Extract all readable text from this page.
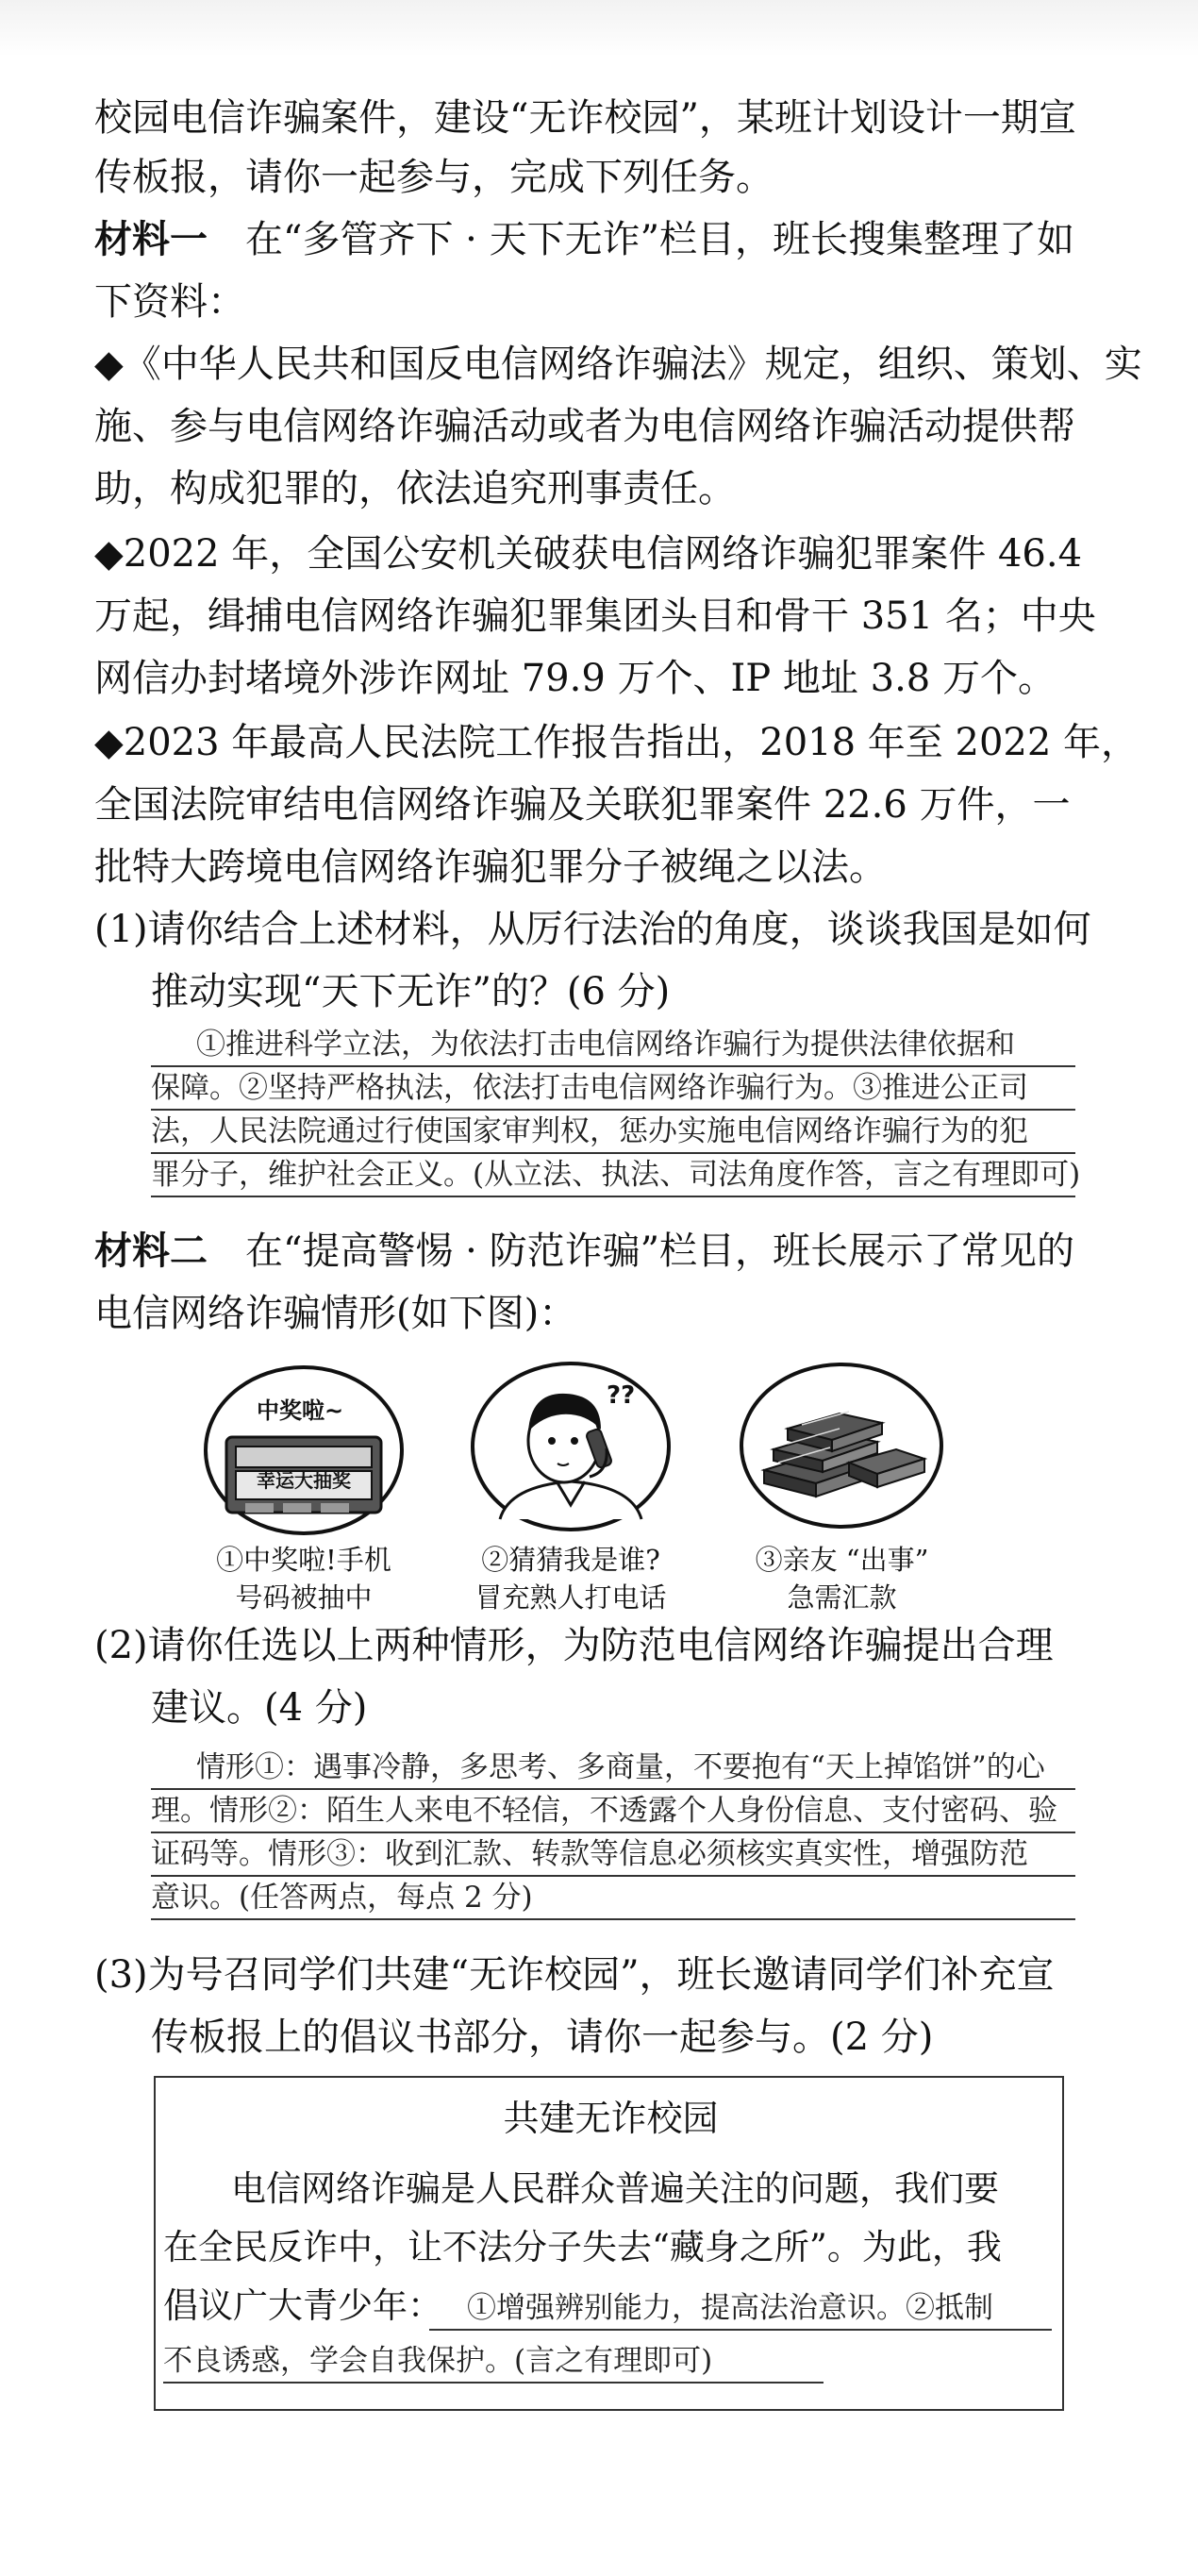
校园电信诈骗案件，建设“无诈校园”，某班计划设计一期宣
传板报，请你一起参与，完成下列任务。
材料一 在“多管齐下 · 天下无诈”栏目，班长搜集整理了如
下资料：
◆《中华人民共和国反电信网络诈骗法》规定，组织、策划、实
施、参与电信网络诈骗活动或者为电信网络诈骗活动提供帮
助，构成犯罪的，依法追究刑事责任。
◆2022 年，全国公安机关破获电信网络诈骗犯罪案件 46.4
万起，缉捕电信网络诈骗犯罪集团头目和骨干 351 名；中央
网信办封堵境外涉诈网址 79.9 万个、IP 地址 3.8 万个。
◆2023 年最高人民法院工作报告指出，2018 年至 2022 年，
全国法院审结电信网络诈骗及关联犯罪案件 22.6 万件，一
批特大跨境电信网络诈骗犯罪分子被绳之以法。
(1)请你结合上述材料，从厉行法治的角度，谈谈我国是如何
推动实现“天下无诈”的？(6 分)
①推进科学立法，为依法打击电信网络诈骗行为提供法律依据和
保障。②坚持严格执法，依法打击电信网络诈骗行为。③推进公正司
法，人民法院通过行使国家审判权，惩办实施电信网络诈骗行为的犯
罪分子，维护社会正义。(从立法、执法、司法角度作答，言之有理即可)
材料二 在“提高警惕 · 防范诈骗”栏目，班长展示了常见的
电信网络诈骗情形(如下图)：
中奖啦~
幸运大抽奖
??
①中奖啦!手机
号码被抽中
②猜猜我是谁?
冒充熟人打电话
③亲友 “出事”
急需汇款
(2)请你任选以上两种情形，为防范电信网络诈骗提出合理
建议。(4 分)
情形①：遇事冷静，多思考、多商量，不要抱有“天上掉馅饼”的心
理。情形②：陌生人来电不轻信，不透露个人身份信息、支付密码、验
证码等。情形③：收到汇款、转款等信息必须核实真实性，增强防范
意识。(任答两点，每点 2 分)
(3)为号召同学们共建“无诈校园”，班长邀请同学们补充宣
传板报上的倡议书部分，请你一起参与。(2 分)
共建无诈校园
电信网络诈骗是人民群众普遍关注的问题，我们要
在全民反诈中，让不法分子失去“藏身之所”。为此，我
倡议广大青少年： ①增强辨别能力，提高法治意识。②抵制
不良诱惑，学会自我保护。(言之有理即可)
